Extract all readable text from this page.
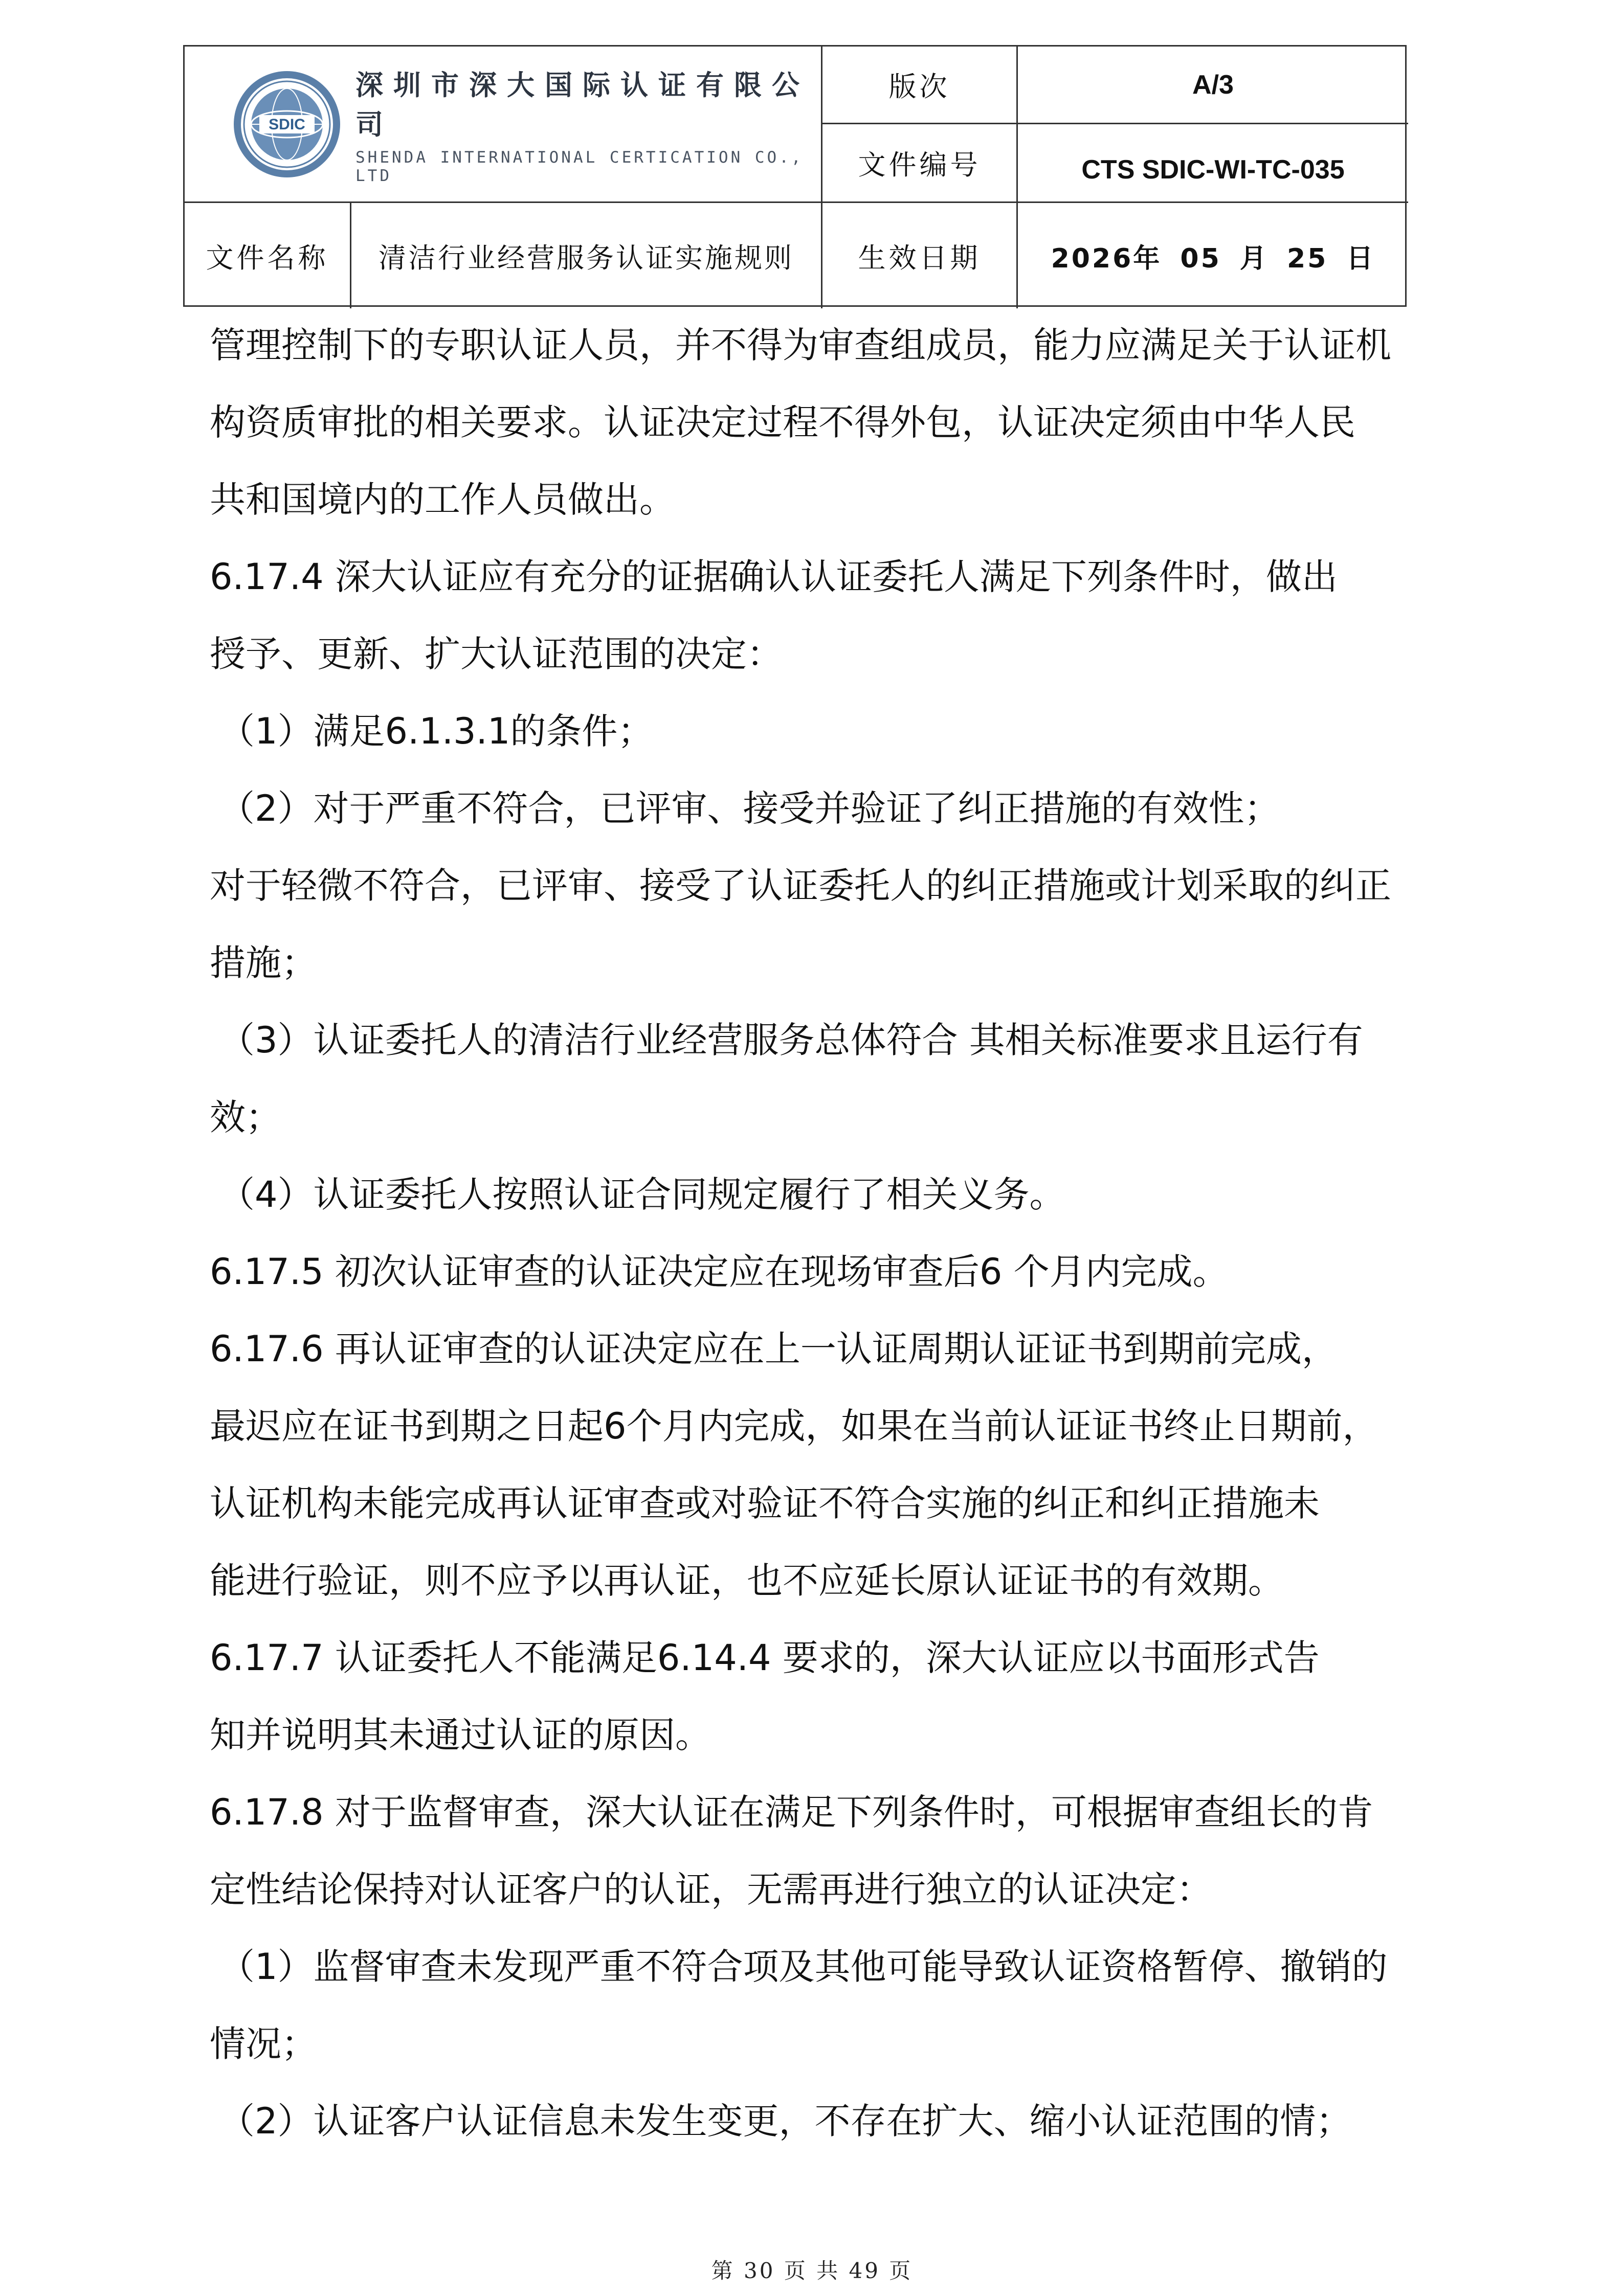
SDIC
深圳市深大国际认证有限公司
SHENDA INTERNATIONAL CERTICATION CO., LTD
版次	A/3
文件编号	CTS SDIC-WI-TC-035
文件名称	清洁行业经营服务认证实施规则	生效日期	2026年 05 月 25 日
管理控制下的专职认证人员，并不得为审查组成员，能力应满足关于认证机
构资质审批的相关要求。认证决定过程不得外包，认证决定须由中华人民
共和国境内的工作人员做出。
6.17.4 深大认证应有充分的证据确认认证委托人满足下列条件时，做出
授予、更新、扩大认证范围的决定：
（1）满足6.1.3.1的条件；
（2）对于严重不符合，已评审、接受并验证了纠正措施的有效性；
对于轻微不符合，已评审、接受了认证委托人的纠正措施或计划采取的纠正
措施；
（3）认证委托人的清洁行业经营服务总体符合 其相关标准要求且运行有
效；
（4）认证委托人按照认证合同规定履行了相关义务。
6.17.5 初次认证审查的认证决定应在现场审查后6 个月内完成。
6.17.6 再认证审查的认证决定应在上一认证周期认证证书到期前完成，
最迟应在证书到期之日起6个月内完成，如果在当前认证证书终止日期前，
认证机构未能完成再认证审查或对验证不符合实施的纠正和纠正措施未
能进行验证，则不应予以再认证，也不应延长原认证证书的有效期。
6.17.7 认证委托人不能满足6.14.4 要求的，深大认证应以书面形式告
知并说明其未通过认证的原因。
6.17.8 对于监督审查，深大认证在满足下列条件时，可根据审查组长的肯
定性结论保持对认证客户的认证，无需再进行独立的认证决定：
（1）监督审查未发现严重不符合项及其他可能导致认证资格暂停、撤销的
情况；
（2）认证客户认证信息未发生变更，不存在扩大、缩小认证范围的情；
第 30 页 共 49 页
